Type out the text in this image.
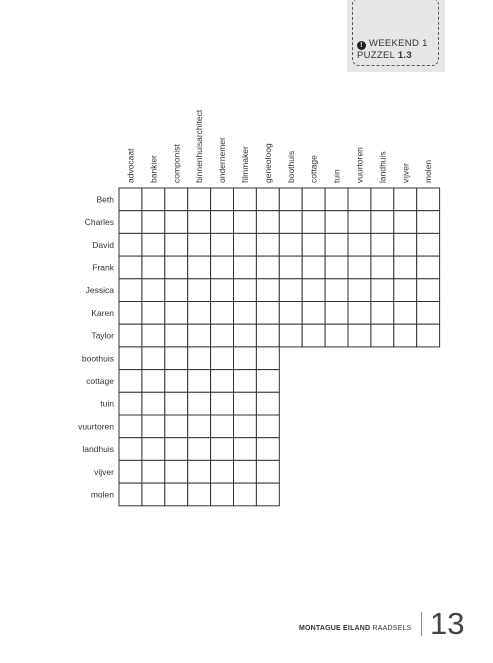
! WEEKEND 1
PUZZEL 1.3
advocaat bankier componist binnenhuisarchitect ondernemer filmmaker geneoloog boothuis cottage tuin vuurtoren landhuis vijver molen
Beth
Charles
David
Frank
Jessica
Karen
Taylor
boothuis
cottage
tuin
vuurtoren
landhuis
vijver
molen
MONTAGUE EILAND RAADSELS 13
